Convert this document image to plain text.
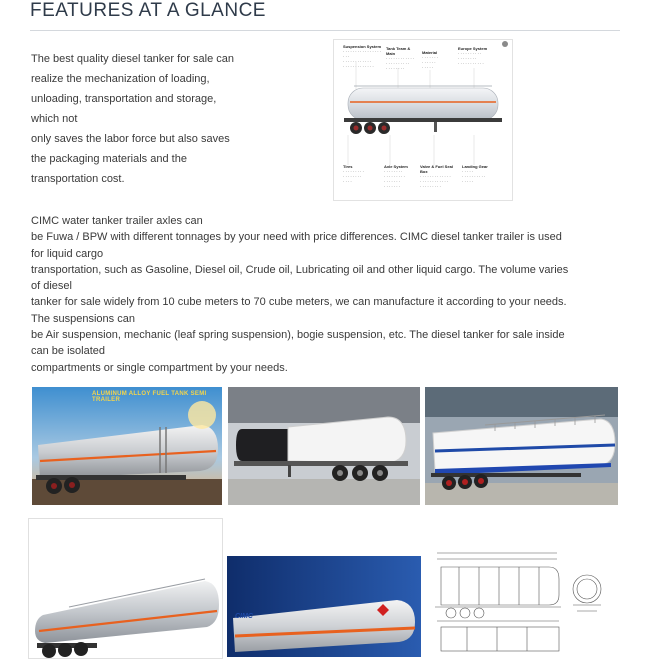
FEATURES AT A GLANCE
The best quality diesel tanker for sale can
realize the mechanization of loading,
unloading, transportation and storage,
which not
only saves the labor force but also saves
the packaging materials and the
transportation cost.
Suspension System
· · · · · · · · · · · · · · · · · · ·
· · · · · · · · · · · ·
· · · · · · · · · · · · ·
Tank Team & Main
· · · · · · · · · · · ·
· · · · · · · · · ·
· · · · · · · ·
Material
· · · · · · ·
· · · · · ·
· · · · ·
Europe System
· · · · · · · · · ·
· · · · · · · ·
· · · · · · · · · · ·
Tires
· · · · · · · · ·
· · · · · · · ·
· · · ·
Axle System
· · · · · · · ·
· · · · · · · · ·
· · · · · · ·
· · · · · · ·
Valve & Fuel Seal Box
· · · · · · · · · · · · ·
· · · · · · · · · · · ·
· · · · · · · · ·
Landing Gear
· · · · ·
· · · · · · · · · ·
· · · · ·
CIMC water tanker trailer axles can
be Fuwa / BPW with different tonnages by your need with price differences. CIMC diesel tanker trailer is used
for liquid cargo
transportation, such as Gasoline, Diesel oil, Crude oil, Lubricating oil and other liquid cargo. The volume varies
of diesel
tanker for sale widely from 10 cube meters to 70 cube meters, we can manufacture it according to your needs.
The suspensions can
be Air suspension, mechanic (leaf spring suspension), bogie suspension, etc. The diesel tanker for sale inside
can be isolated
compartments or single compartment by your needs.
ALUMINUM ALLOY FUEL TANK SEMI TRAILER
CIMC
